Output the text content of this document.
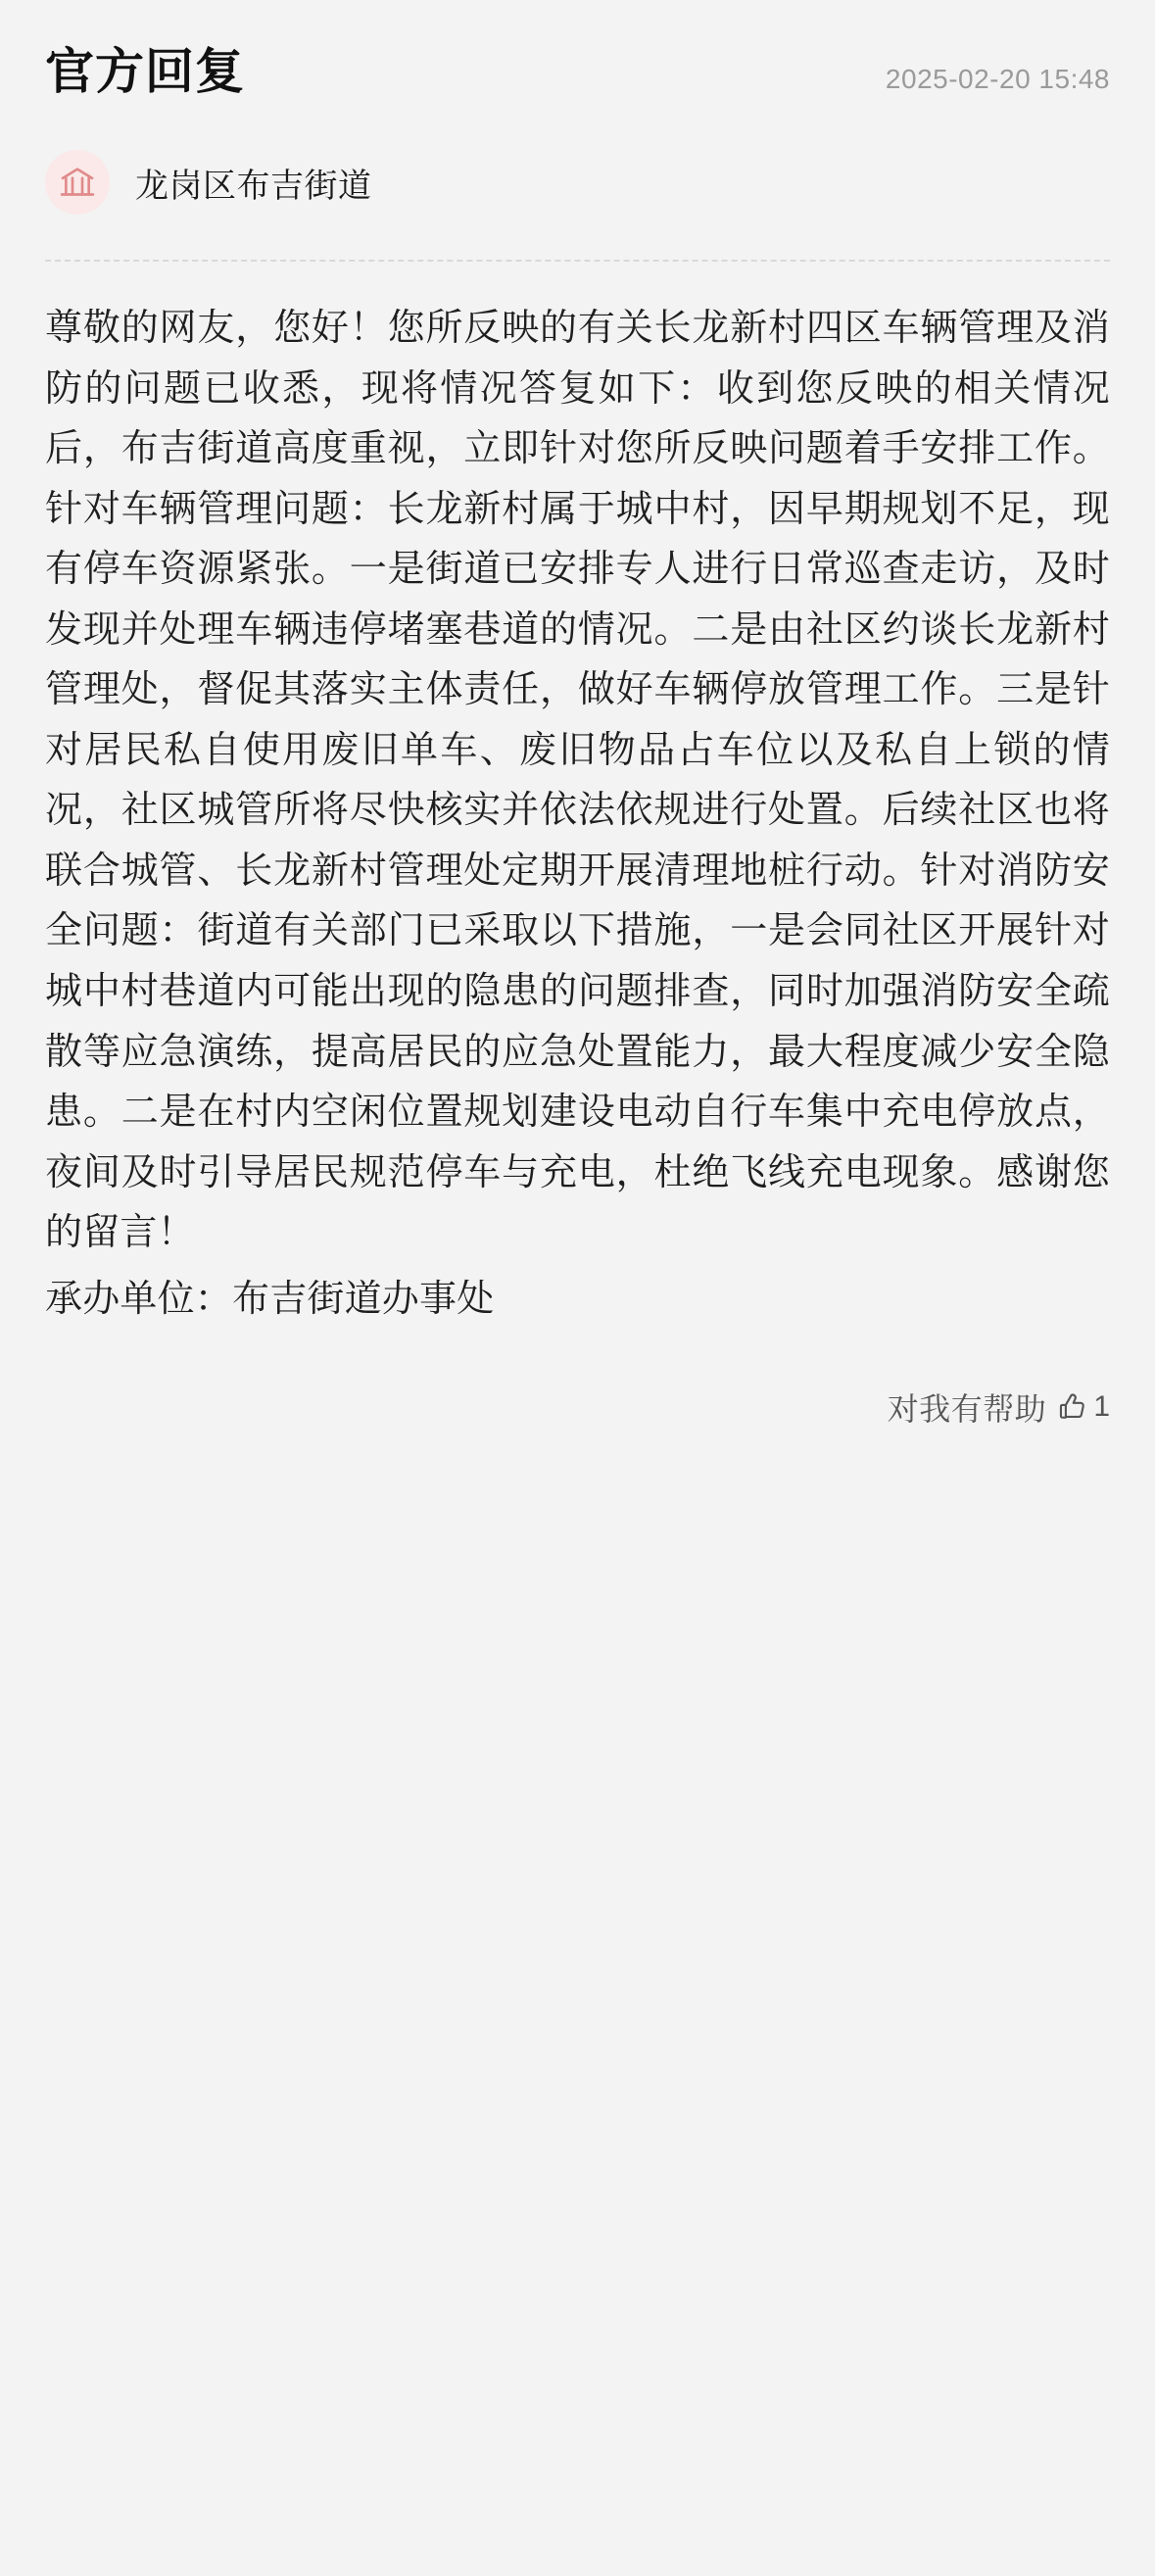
官方回复	2025-02-20 15:48
龙岗区布吉街道
尊敬的网友，您好！您所反映的有关长龙新村四区车辆管理及消防的问题已收悉，现将情况答复如下：收到您反映的相关情况后，布吉街道高度重视，立即针对您所反映问题着手安排工作。针对车辆管理问题：长龙新村属于城中村，因早期规划不足，现有停车资源紧张。一是街道已安排专人进行日常巡查走访，及时发现并处理车辆违停堵塞巷道的情况。二是由社区约谈长龙新村管理处，督促其落实主体责任，做好车辆停放管理工作。三是针对居民私自使用废旧单车、废旧物品占车位以及私自上锁的情况，社区城管所将尽快核实并依法依规进行处置。后续社区也将联合城管、长龙新村管理处定期开展清理地桩行动。针对消防安全问题：街道有关部门已采取以下措施，一是会同社区开展针对城中村巷道内可能出现的隐患的问题排查，同时加强消防安全疏散等应急演练，提高居民的应急处置能力，最大程度减少安全隐患。二是在村内空闲位置规划建设电动自行车集中充电停放点，夜间及时引导居民规范停车与充电，杜绝飞线充电现象。感谢您的留言！
承办单位：布吉街道办事处
对我有帮助 1
